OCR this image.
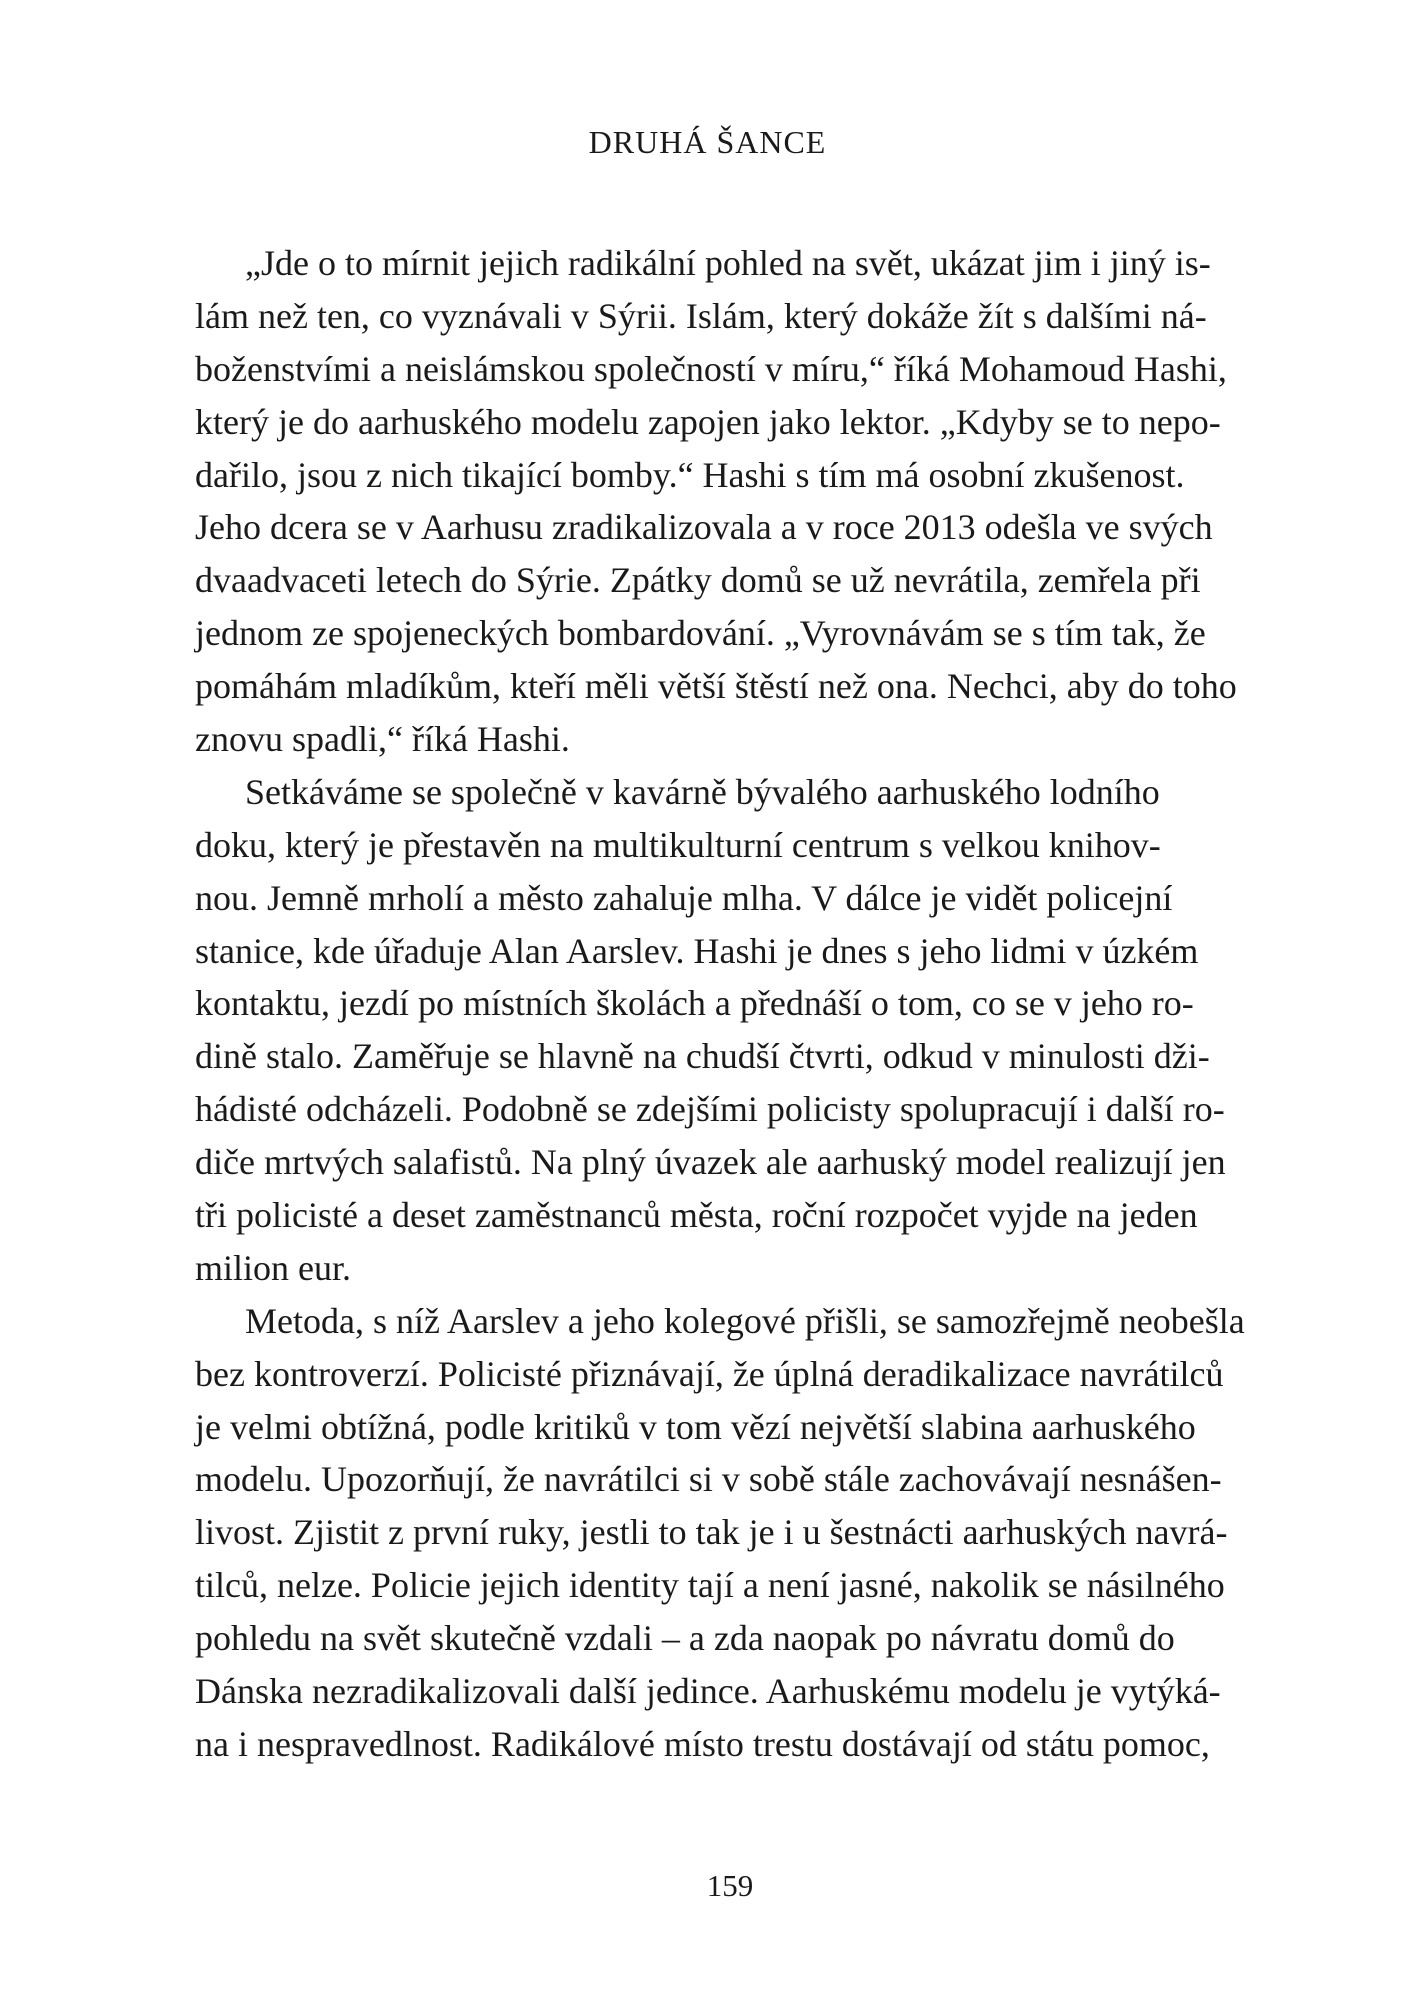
DRUHÁ ŠANCE
„Jde o to mírnit jejich radikální pohled na svět, ukázat jim i jiný is-
lám než ten, co vyznávali v Sýrii. Islám, který dokáže žít s dalšími ná-
boženstvími a neislámskou společností v míru,“ říká Mohamoud Hashi,
který je do aarhuského modelu zapojen jako lektor. „Kdyby se to nepo-
dařilo, jsou z nich tikající bomby.“ Hashi s tím má osobní zkušenost.
Jeho dcera se v Aarhusu zradikalizovala a v roce 2013 odešla ve svých
dvaadvaceti letech do Sýrie. Zpátky domů se už nevrátila, zemřela při
jednom ze spojeneckých bombardování. „Vyrovnávám se s tím tak, že
pomáhám mladíkům, kteří měli větší štěstí než ona. Nechci, aby do toho
znovu spadli,“ říká Hashi.
Setkáváme se společně v kavárně bývalého aarhuského lodního
doku, který je přestavěn na multikulturní centrum s velkou knihov-
nou. Jemně mrholí a město zahaluje mlha. V dálce je vidět policejní
stanice, kde úřaduje Alan Aarslev. Hashi je dnes s jeho lidmi v úzkém
kontaktu, jezdí po místních školách a přednáší o tom, co se v jeho ro-
dině stalo. Zaměřuje se hlavně na chudší čtvrti, odkud v minulosti dži-
hádisté odcházeli. Podobně se zdejšími policisty spolupracují i další ro-
diče mrtvých salafistů. Na plný úvazek ale aarhuský model realizují jen
tři policisté a deset zaměstnanců města, roční rozpočet vyjde na jeden
milion eur.
Metoda, s níž Aarslev a jeho kolegové přišli, se samozřejmě neobešla
bez kontroverzí. Policisté přiznávají, že úplná deradikalizace navrátilců
je velmi obtížná, podle kritiků v tom vězí největší slabina aarhuského
modelu. Upozorňují, že navrátilci si v sobě stále zachovávají nesnášen-
livost. Zjistit z první ruky, jestli to tak je i u šestnácti aarhuských navrá-
tilců, nelze. Policie jejich identity tají a není jasné, nakolik se násilného
pohledu na svět skutečně vzdali – a zda naopak po návratu domů do
Dánska nezradikalizovali další jedince. Aarhuskému modelu je vytýká-
na i nespravedlnost. Radikálové místo trestu dostávají od státu pomoc,
159
